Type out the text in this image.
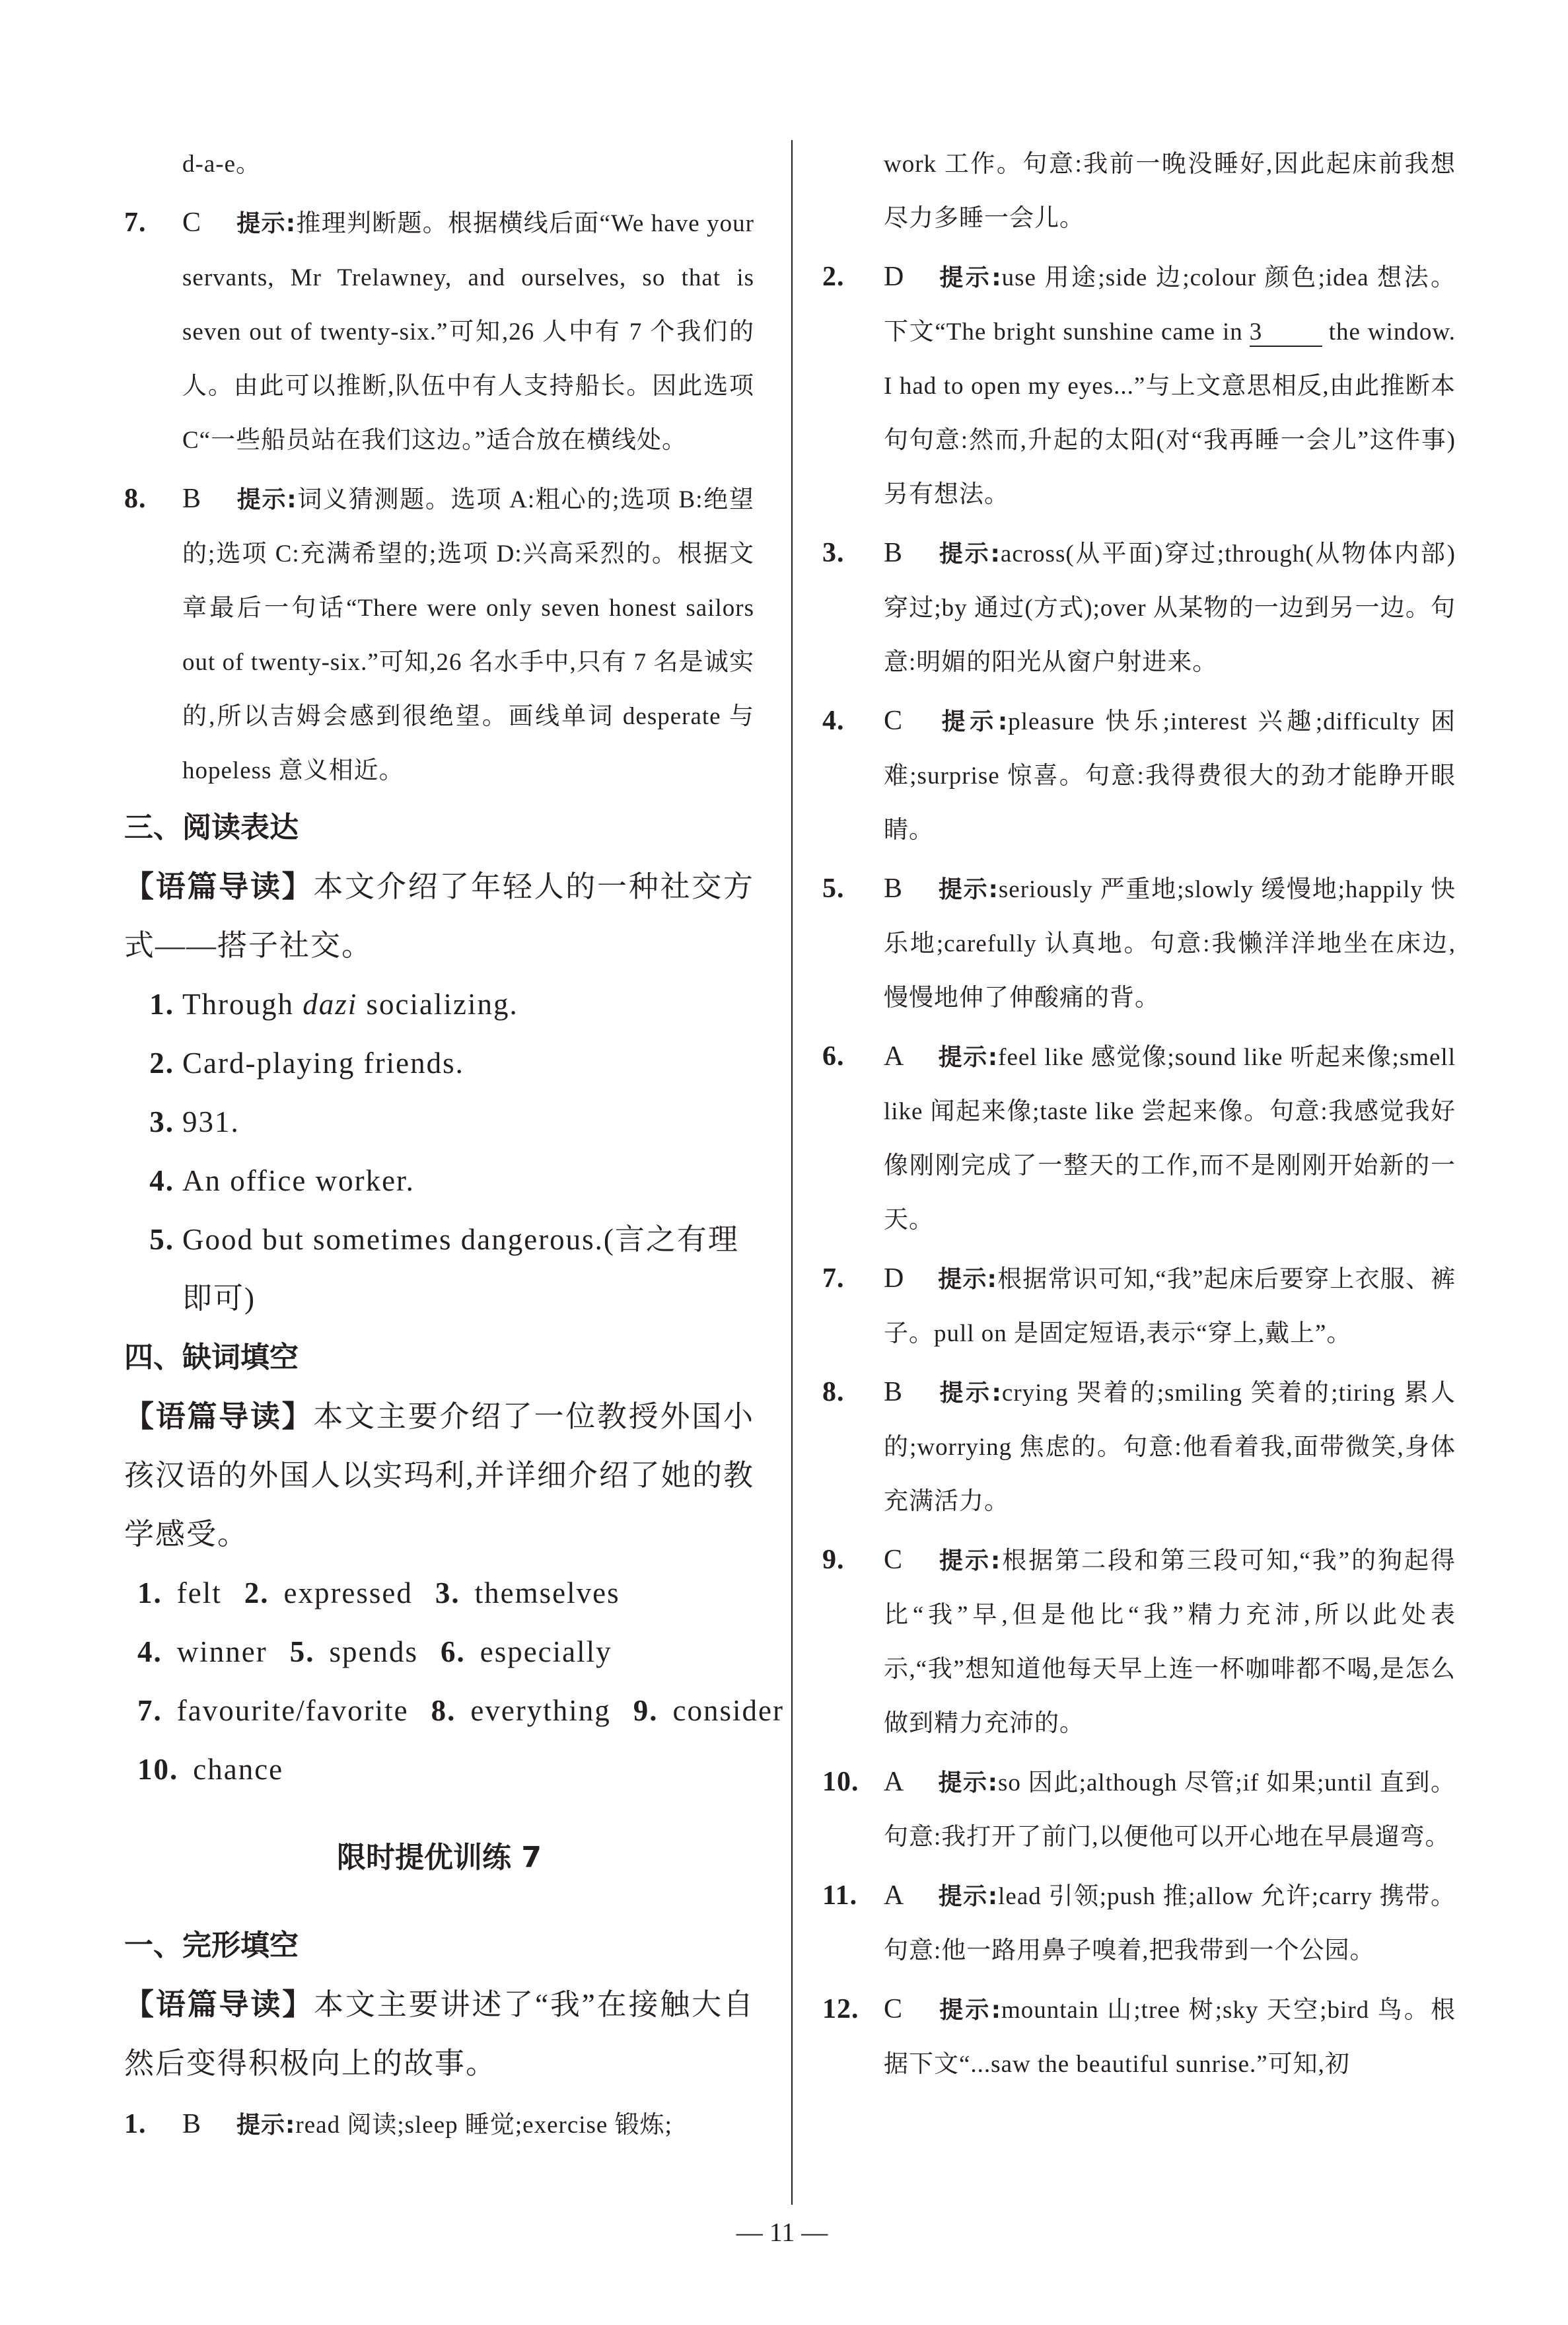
d-a-e。
7.	C 提示:推理判断题。根据横线后面“We have your servants, Mr Trelawney, and ourselves, so that is seven out of twenty-six.”可知,26 人中有 7 个我们的人。由此可以推断,队伍中有人支持船长。因此选项 C“一些船员站在我们这边。”适合放在横线处。
8.	B 提示:词义猜测题。选项 A:粗心的;选项 B:绝望的;选项 C:充满希望的;选项 D:兴高采烈的。根据文章最后一句话“There were only seven honest sailors out of twenty-six.”可知,26 名水手中,只有 7 名是诚实的,所以吉姆会感到很绝望。画线单词 desperate 与 hopeless 意义相近。
三、阅读表达
【语篇导读】本文介绍了年轻人的一种社交方式——搭子社交。
1. Through dazi socializing.
2. Card-playing friends.
3. 931.
4. An office worker.
5. Good but sometimes dangerous.(言之有理即可)
四、缺词填空
【语篇导读】本文主要介绍了一位教授外国小孩汉语的外国人以实玛利,并详细介绍了她的教学感受。
1. felt 2. expressed 3. themselves
4. winner 5. spends 6. especially
7. favourite/favorite 8. everything 9. consider
10. chance
限时提优训练 7
一、完形填空
【语篇导读】本文主要讲述了“我”在接触大自然后变得积极向上的故事。
1.	B 提示:read 阅读;sleep 睡觉;exercise 锻炼;
work 工作。句意:我前一晚没睡好,因此起床前我想尽力多睡一会儿。
2.	D 提示:use 用途;side 边;colour 颜色;idea 想法。下文“The bright sunshine came in 3	the window. I had to open my eyes...”与上文意思相反,由此推断本句句意:然而,升起的太阳(对“我再睡一会儿”这件事)另有想法。
3.	B 提示:across(从平面)穿过;through(从物体内部)穿过;by 通过(方式);over 从某物的一边到另一边。句意:明媚的阳光从窗户射进来。
4.	C 提示:pleasure 快乐;interest 兴趣;difficulty 困难;surprise 惊喜。句意:我得费很大的劲才能睁开眼睛。
5.	B 提示:seriously 严重地;slowly 缓慢地;happily 快乐地;carefully 认真地。句意:我懒洋洋地坐在床边,慢慢地伸了伸酸痛的背。
6.	A 提示:feel like 感觉像;sound like 听起来像;smell like 闻起来像;taste like 尝起来像。句意:我感觉我好像刚刚完成了一整天的工作,而不是刚刚开始新的一天。
7.	D 提示:根据常识可知,“我”起床后要穿上衣服、裤子。pull on 是固定短语,表示“穿上,戴上”。
8.	B 提示:crying 哭着的;smiling 笑着的;tiring 累人的;worrying 焦虑的。句意:他看着我,面带微笑,身体充满活力。
9.	C 提示:根据第二段和第三段可知,“我”的狗起得比“我”早,但是他比“我”精力充沛,所以此处表示,“我”想知道他每天早上连一杯咖啡都不喝,是怎么做到精力充沛的。
10. A 提示:so 因此;although 尽管;if 如果;until 直到。句意:我打开了前门,以便他可以开心地在早晨遛弯。
11. A 提示:lead 引领;push 推;allow 允许;carry 携带。句意:他一路用鼻子嗅着,把我带到一个公园。
12. C 提示:mountain 山;tree 树;sky 天空;bird 鸟。根据下文“...saw the beautiful sunrise.”可知,初
— 11 —
